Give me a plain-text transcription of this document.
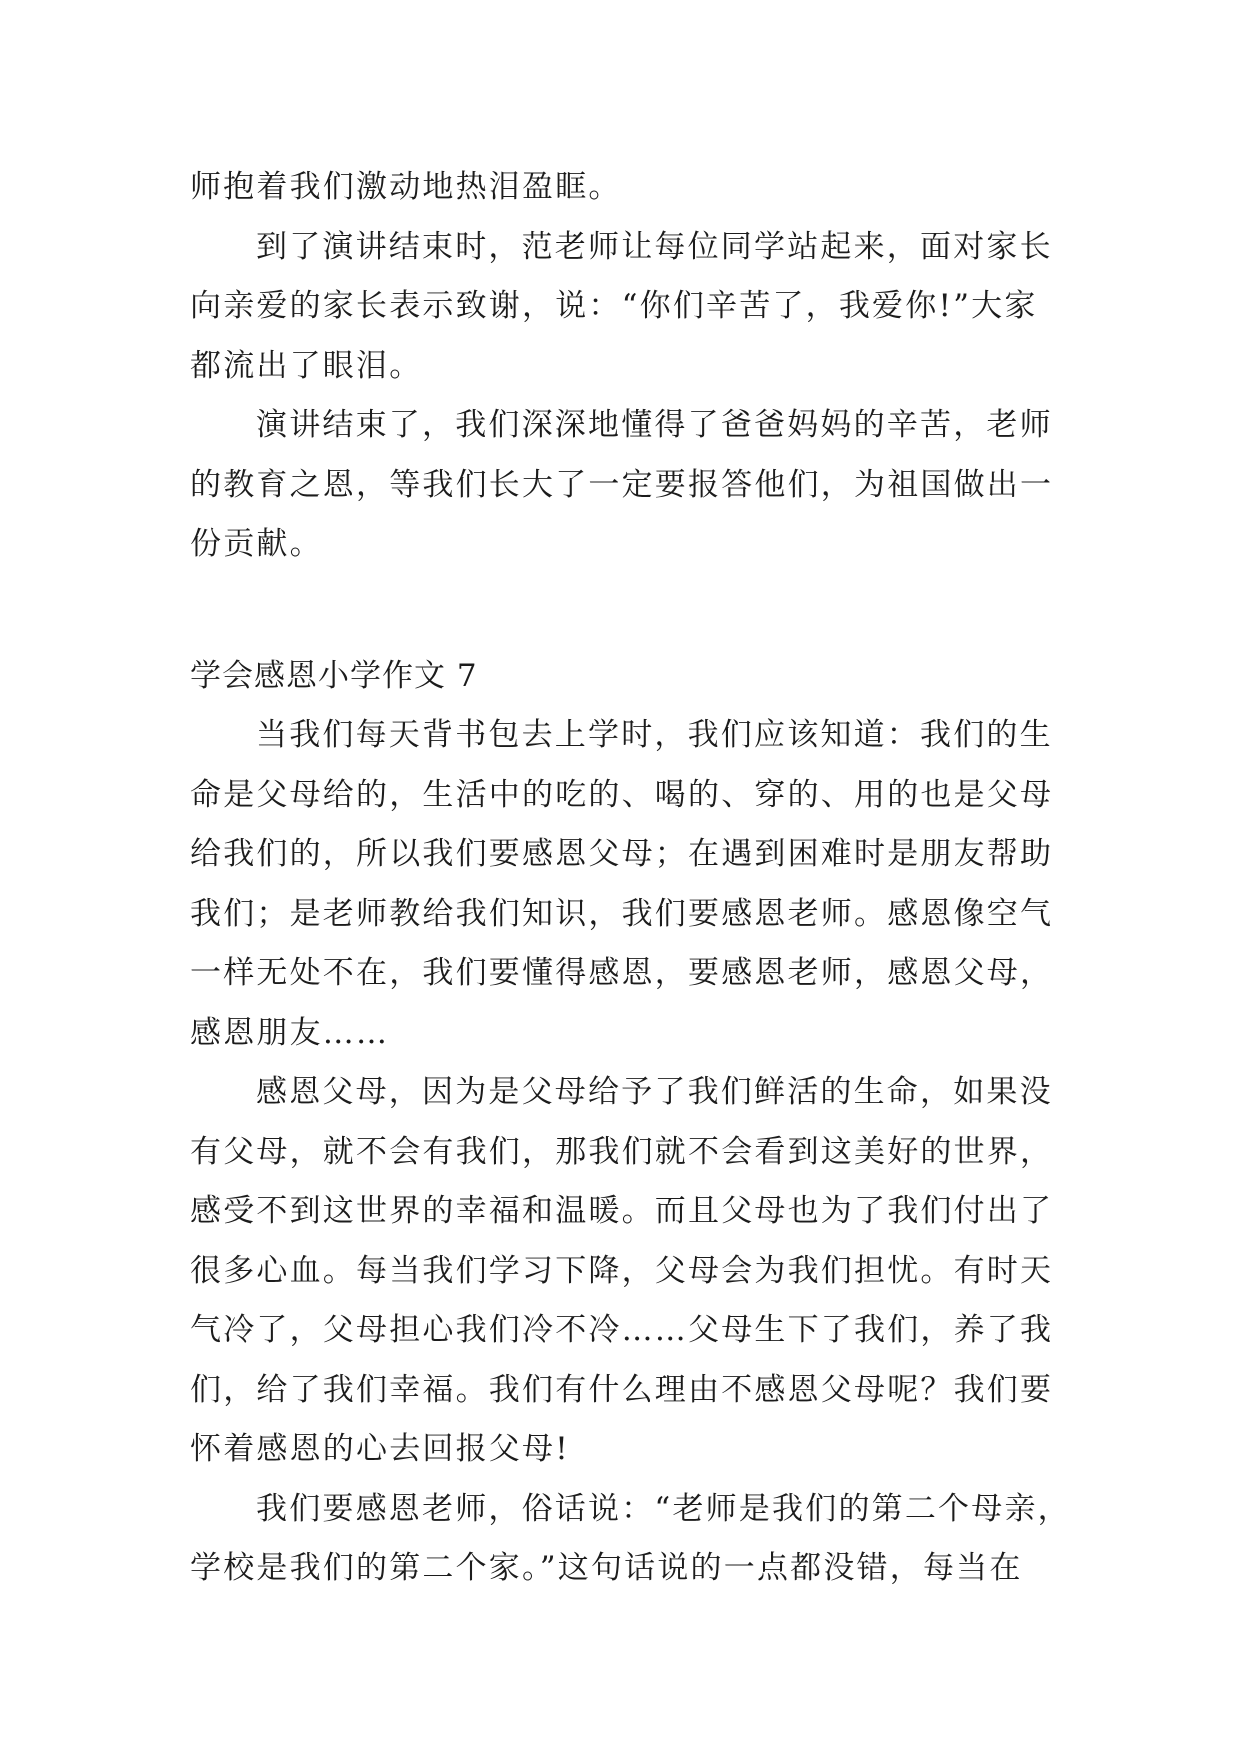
师抱着我们激动地热泪盈眶。
到了演讲结束时，范老师让每位同学站起来，面对家长
向亲爱的家长表示致谢，说：“你们辛苦了，我爱你!”大家
都流出了眼泪。
演讲结束了，我们深深地懂得了爸爸妈妈的辛苦，老师
的教育之恩，等我们长大了一定要报答他们，为祖国做出一
份贡献。
学会感恩小学作文 7
当我们每天背书包去上学时，我们应该知道：我们的生
命是父母给的，生活中的吃的、喝的、穿的、用的也是父母
给我们的，所以我们要感恩父母；在遇到困难时是朋友帮助
我们；是老师教给我们知识，我们要感恩老师。感恩像空气
一样无处不在，我们要懂得感恩，要感恩老师，感恩父母，
感恩朋友……
感恩父母，因为是父母给予了我们鲜活的生命，如果没
有父母，就不会有我们，那我们就不会看到这美好的世界，
感受不到这世界的幸福和温暖。而且父母也为了我们付出了
很多心血。每当我们学习下降，父母会为我们担忧。有时天
气冷了，父母担心我们冷不冷……父母生下了我们，养了我
们，给了我们幸福。我们有什么理由不感恩父母呢？我们要
怀着感恩的心去回报父母!
我们要感恩老师，俗话说：“老师是我们的第二个母亲，
学校是我们的第二个家。”这句话说的一点都没错，每当在
